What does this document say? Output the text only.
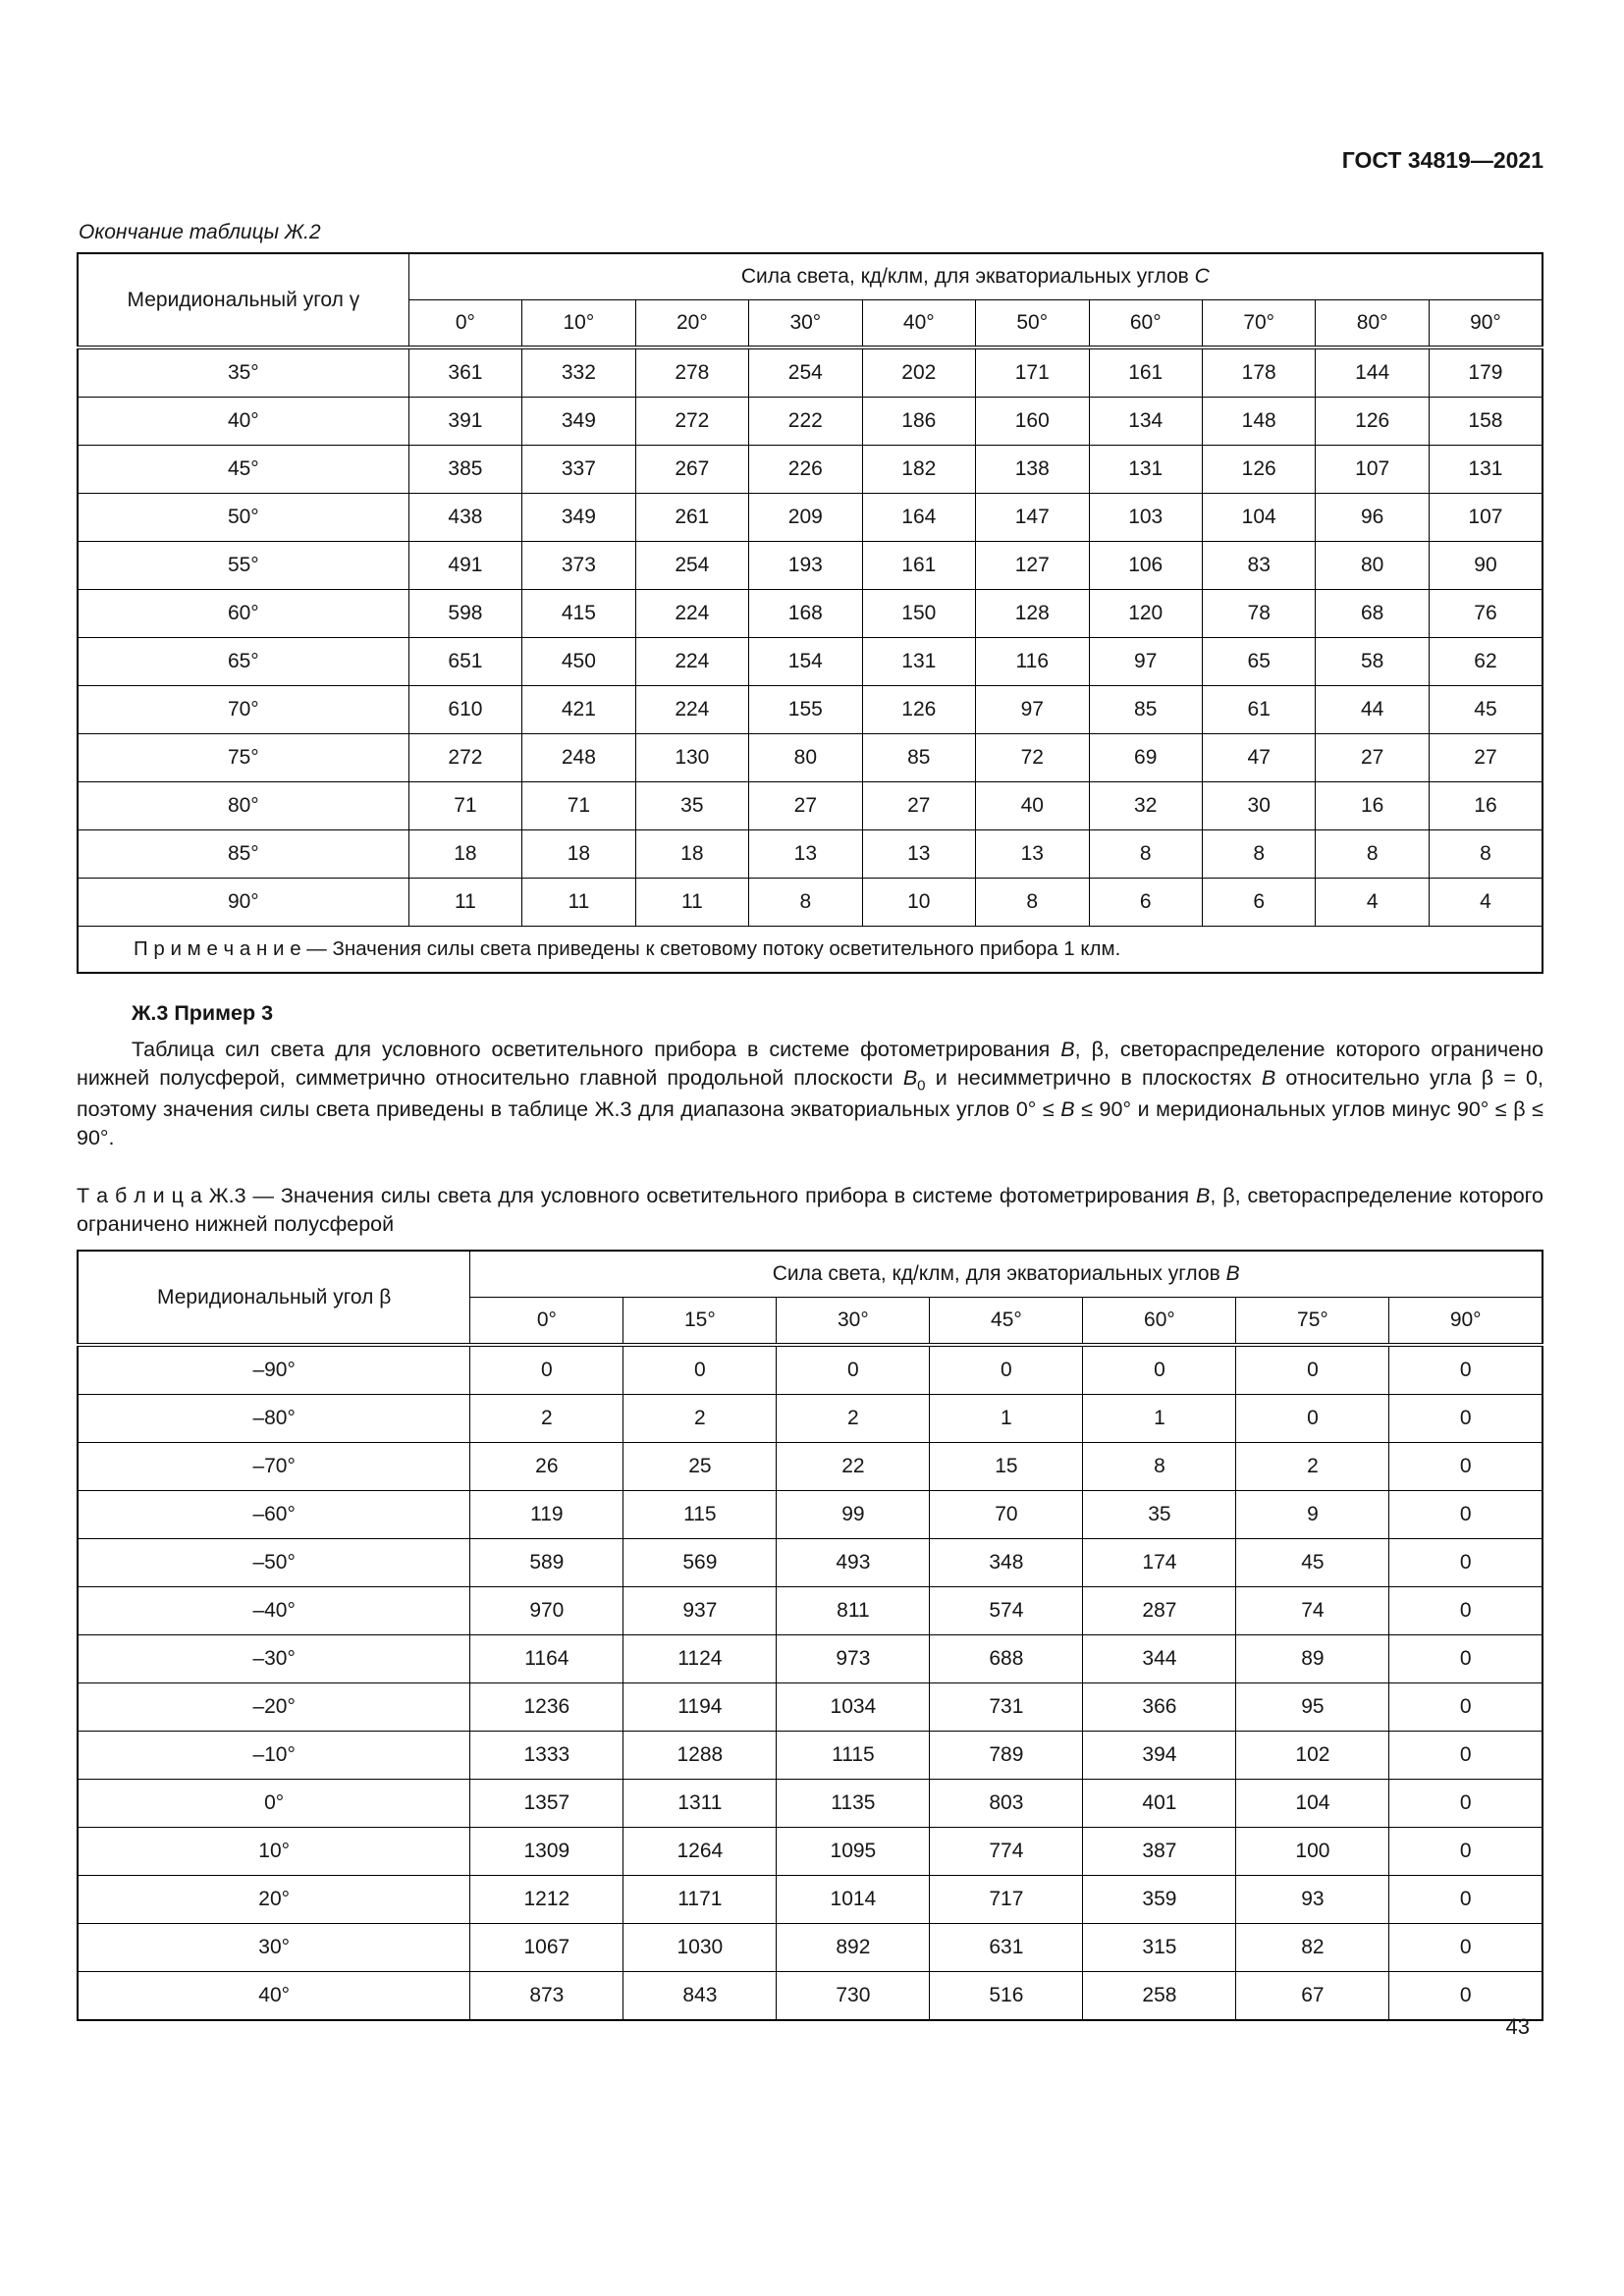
ГОСТ 34819—2021

Окончание таблицы Ж.2

Меридиональный угол γ	Сила света, кд/клм, для экваториальных углов С									
	0°	10°	20°	30°	40°	50°	60°	70°	80°	90°
35°	361	332	278	254	202	171	161	178	144	179
40°	391	349	272	222	186	160	134	148	126	158
45°	385	337	267	226	182	138	131	126	107	131
50°	438	349	261	209	164	147	103	104	96	107
55°	491	373	254	193	161	127	106	83	80	90
60°	598	415	224	168	150	128	120	78	68	76
65°	651	450	224	154	131	116	97	65	58	62
70°	610	421	224	155	126	97	85	61	44	45
75°	272	248	130	80	85	72	69	47	27	27
80°	71	71	35	27	27	40	32	30	16	16
85°	18	18	18	13	13	13	8	8	8	8
90°	11	11	11	8	10	8	6	6	4	4
П р и м е ч а н и е — Значения силы света приведены к световому потоку осветительного прибора 1 клм.										
Ж.3 Пример 3

Таблица сил света для условного осветительного прибора в системе фотометрирования B, β, светораспределение которого ограничено нижней полусферой, симметрично относительно главной продольной плоскости $B_0$ и несимметрично в плоскостях B относительно угла β = 0, поэтому значения силы света приведены в таблице Ж.3 для диапазона экваториальных углов 0° ≤ B ≤ 90° и меридиональных углов минус 90° ≤ β ≤ 90°.

Т а б л и ц а Ж.3 — Значения силы света для условного осветительного прибора в системе фотометрирования B, β, светораспределение которого ограничено нижней полусферой

Меридиональный угол β	Сила света, кд/клм, для экваториальных углов B						
	0°	15°	30°	45°	60°	75°	90°
–90°	0	0	0	0	0	0	0
–80°	2	2	2	1	1	0	0
–70°	26	25	22	15	8	2	0
–60°	119	115	99	70	35	9	0
–50°	589	569	493	348	174	45	0
–40°	970	937	811	574	287	74	0
–30°	1164	1124	973	688	344	89	0
–20°	1236	1194	1034	731	366	95	0
–10°	1333	1288	1115	789	394	102	0
0°	1357	1311	1135	803	401	104	0
10°	1309	1264	1095	774	387	100	0
20°	1212	1171	1014	717	359	93	0
30°	1067	1030	892	631	315	82	0
40°	873	843	730	516	258	67	0
43
